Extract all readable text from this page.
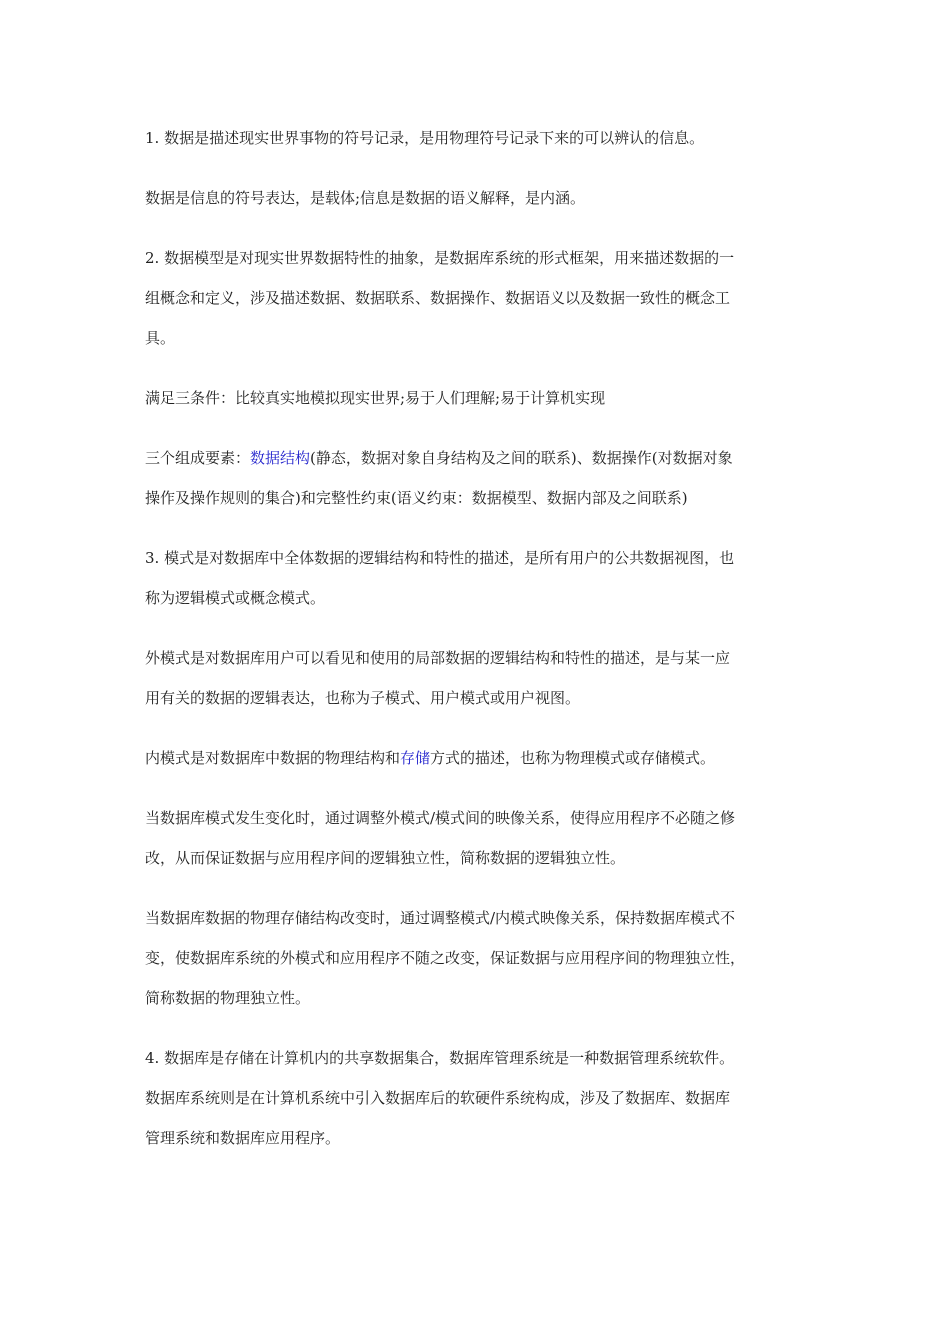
1. 数据是描述现实世界事物的符号记录，是用物理符号记录下来的可以辨认的信息。

数据是信息的符号表达，是载体;信息是数据的语义解释，是内涵。

2. 数据模型是对现实世界数据特性的抽象，是数据库系统的形式框架，用来描述数据的一
组概念和定义，涉及描述数据、数据联系、数据操作、数据语义以及数据一致性的概念工
具。

满足三条件：比较真实地模拟现实世界;易于人们理解;易于计算机实现

三个组成要素：数据结构(静态，数据对象自身结构及之间的联系)、数据操作(对数据对象
操作及操作规则的集合)和完整性约束(语义约束：数据模型、数据内部及之间联系)

3. 模式是对数据库中全体数据的逻辑结构和特性的描述，是所有用户的公共数据视图，也
称为逻辑模式或概念模式。

外模式是对数据库用户可以看见和使用的局部数据的逻辑结构和特性的描述，是与某一应
用有关的数据的逻辑表达，也称为子模式、用户模式或用户视图。

内模式是对数据库中数据的物理结构和存储方式的描述，也称为物理模式或存储模式。

当数据库模式发生变化时，通过调整外模式/模式间的映像关系，使得应用程序不必随之修
改，从而保证数据与应用程序间的逻辑独立性，简称数据的逻辑独立性。

当数据库数据的物理存储结构改变时，通过调整模式/内模式映像关系，保持数据库模式不
变，使数据库系统的外模式和应用程序不随之改变，保证数据与应用程序间的物理独立性，
简称数据的物理独立性。

4. 数据库是存储在计算机内的共享数据集合，数据库管理系统是一种数据管理系统软件。
数据库系统则是在计算机系统中引入数据库后的软硬件系统构成，涉及了数据库、数据库
管理系统和数据库应用程序。
